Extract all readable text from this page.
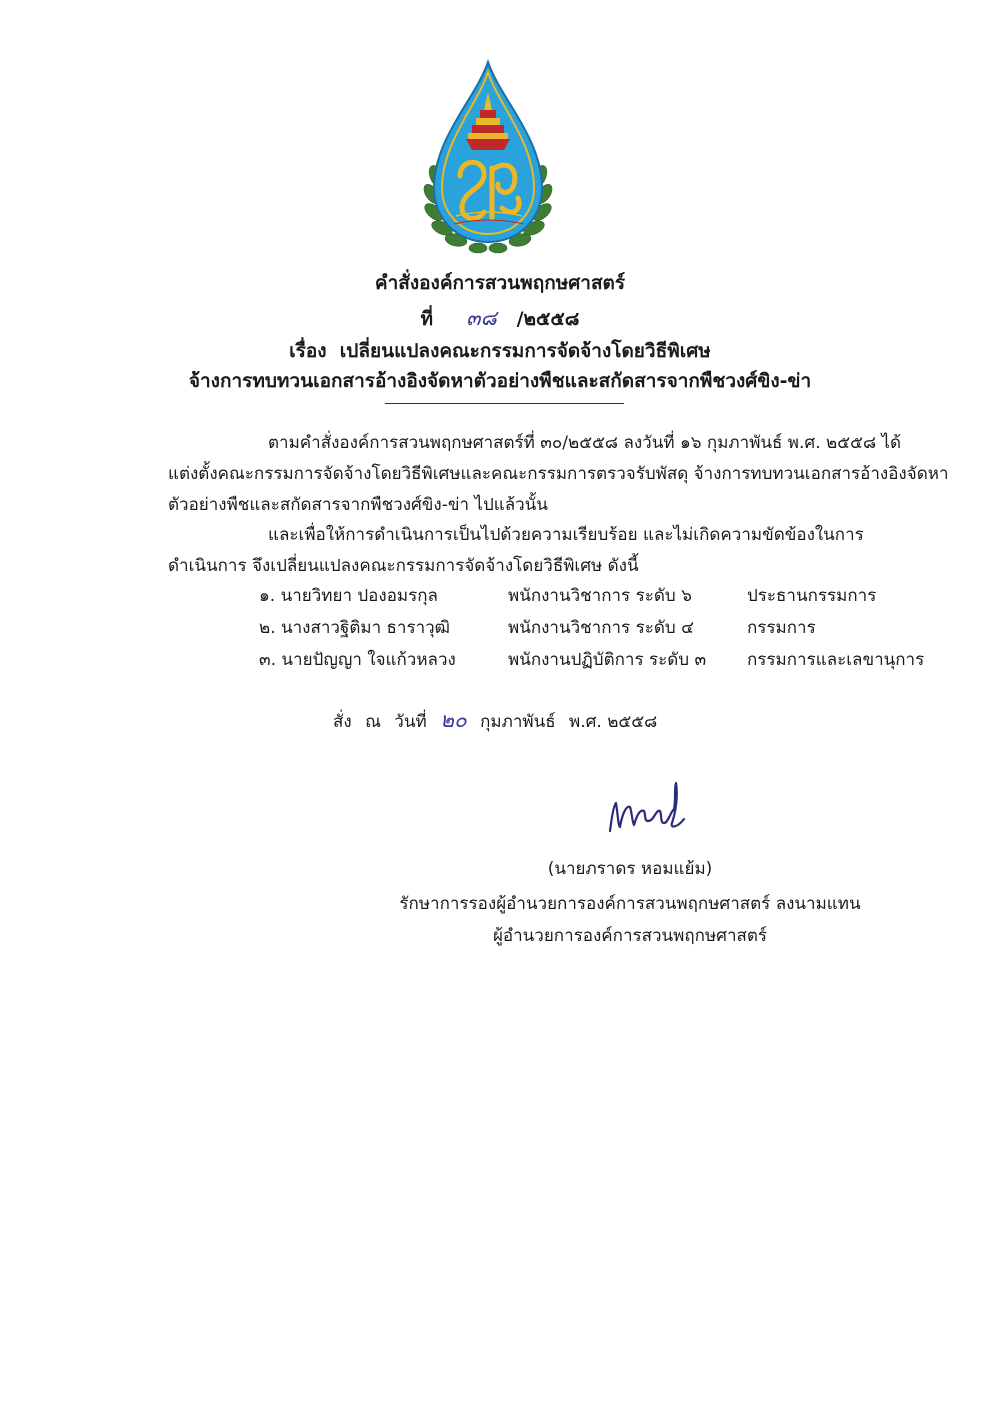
คำสั่งองค์การสวนพฤกษศาสตร์
ที่ ๓๘ /๒๕๕๘
เรื่อง เปลี่ยนแปลงคณะกรรมการจัดจ้างโดยวิธีพิเศษ
จ้างการทบทวนเอกสารอ้างอิงจัดหาตัวอย่างพืชและสกัดสารจากพืชวงศ์ขิง-ข่า
ตามคำสั่งองค์การสวนพฤกษศาสตร์ที่ ๓๐/๒๕๕๘ ลงวันที่ ๑๖ กุมภาพันธ์ พ.ศ. ๒๕๕๘ ได้
แต่งตั้งคณะกรรมการจัดจ้างโดยวิธีพิเศษและคณะกรรมการตรวจรับพัสดุ จ้างการทบทวนเอกสารอ้างอิงจัดหา
ตัวอย่างพืชและสกัดสารจากพืชวงศ์ขิง-ข่า ไปแล้วนั้น
และเพื่อให้การดำเนินการเป็นไปด้วยความเรียบร้อย และไม่เกิดความขัดข้องในการ
ดำเนินการ จึงเปลี่ยนแปลงคณะกรรมการจัดจ้างโดยวิธีพิเศษ ดังนี้
๑. นายวิทยา ปองอมรกุล	พนักงานวิชาการ ระดับ ๖	ประธานกรรมการ
๒. นางสาวฐิติมา ธาราวุฒิ	พนักงานวิชาการ ระดับ ๔	กรรมการ
๓. นายปัญญา ใจแก้วหลวง	พนักงานปฏิบัติการ ระดับ ๓ กรรมการและเลขานุการ
สั่ง ณ วันที่ ๒๐ กุมภาพันธ์ พ.ศ. ๒๕๕๘
(นายภราดร หอมแย้ม)
รักษาการรองผู้อำนวยการองค์การสวนพฤกษศาสตร์ ลงนามแทน
ผู้อำนวยการองค์การสวนพฤกษศาสตร์
